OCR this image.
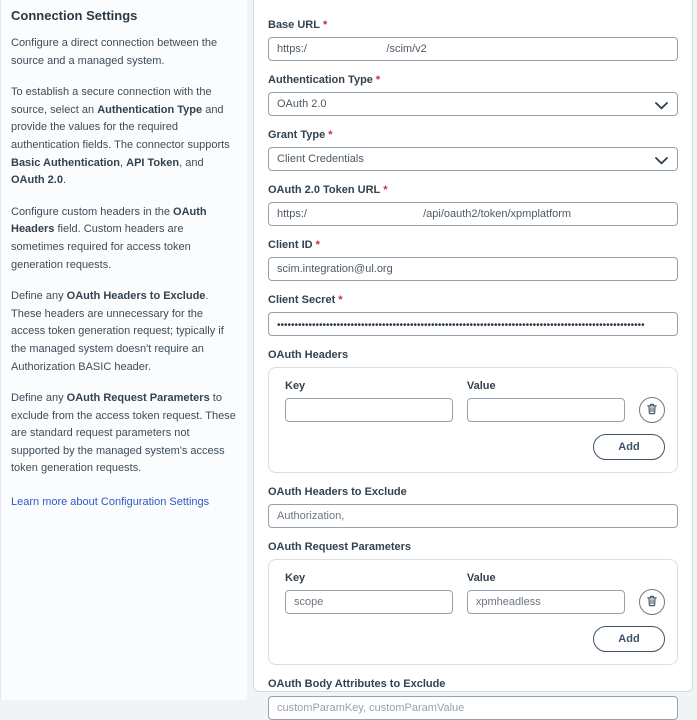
Connection Settings

Configure a direct connection between the source and a managed system.

To establish a secure connection with the source, select an Authentication Type and provide the values for the required authentication fields. The connector supports Basic Authentication, API Token, and OAuth 2.0.

Configure custom headers in the OAuth Headers field. Custom headers are sometimes required for access token generation requests.

Define any OAuth Headers to Exclude. These headers are unnecessary for the access token generation request; typically if the managed system doesn't require an Authorization BASIC header.

Define any OAuth Request Parameters to exclude from the access token request. These are standard request parameters not supported by the managed system's access token generation requests.

Learn more about Configuration Settings
Base URL *
https:/ /scim/v2
Authentication Type *
OAuth 2.0
Grant Type *
Client Credentials
OAuth 2.0 Token URL *
https:/ /api/oauth2/token/xpmplatform
Client ID *
scim.integration@ul.org
Client Secret *
•••••••••••••••••••••••••••••••••••••••••••••••••••••••••••••••••••••••••••••••••••••••••••••••••••••••••
OAuth Headers
Key	Value
Add
OAuth Headers to Exclude
Authorization,
OAuth Request Parameters
Key
scope	Value
xpmheadless
Add
OAuth Body Attributes to Exclude
customParamKey, customParamValue
